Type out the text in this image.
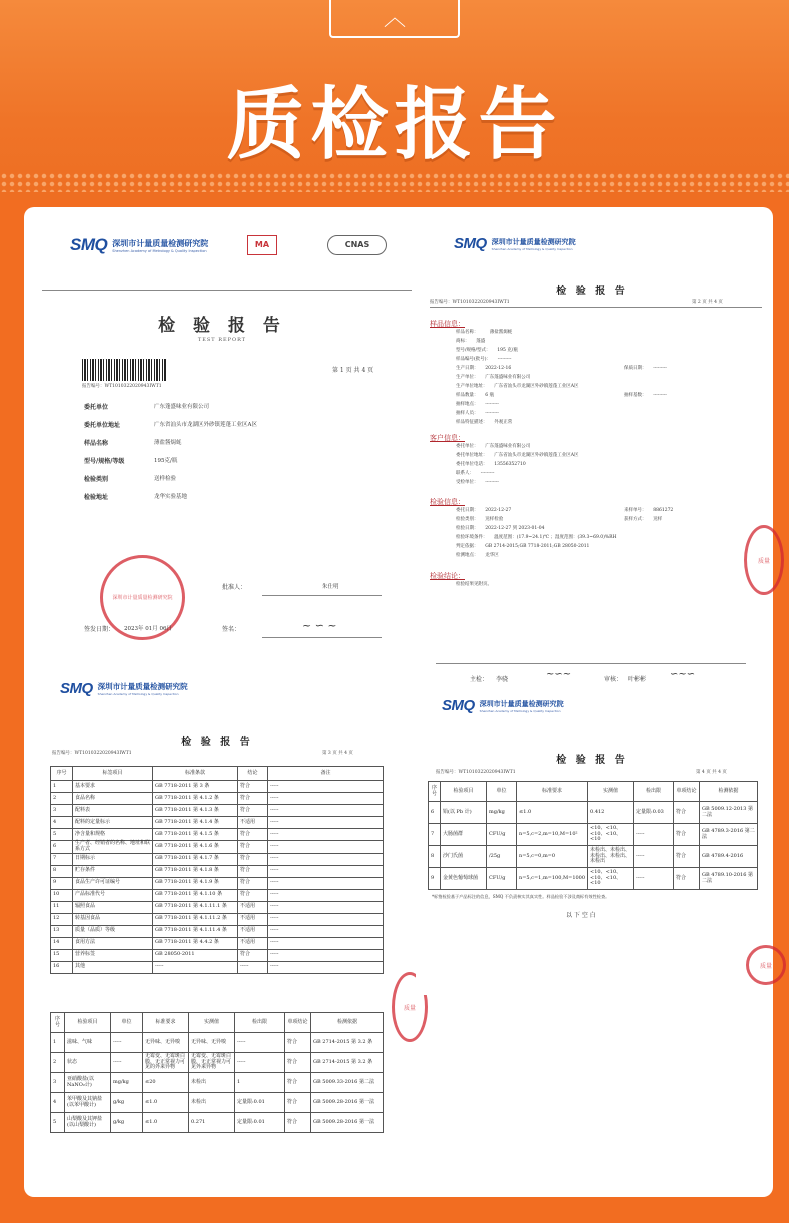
︿
质检报告
SMQ 深圳市计量质量检测研究院
Shenzhen Academy of Metrology & Quality Inspection
MA	CNAS
检 验 报 告
TEST REPORT
报告编号：WT1010322020943IWT1
第 1 页 共 4 页
委托单位	广东蓬盛味业有限公司
委托单位地址	广东省汕头市龙湖区外砂镇莲蓬工业区A区
样品名称	薄盐酱焗蚝
型号/规格/等级	195克/瓶
检验类别	送样检验
检验地址	龙华实验基地
深圳市计量质量检测研究院
批准人：	朱仕明
签发日期： 2023年 01月 06日	签名：	~ ∽ ~
SMQ 深圳市计量质量检测研究院
Shenzhen Academy of Metrology & Quality Inspection
检 验 报 告
报告编号：WT1010322020943IWT1	第 2 页 共 4 页
样品信息：
样品名称：　　　薄盐酱焗蚝
商标：　　蓬盛
型号/规格/型式：　　195 克/瓶
样品编号(批号)：　　---------
生产日期：　　2022-12-16
生产单位：　　广东蓬盛味业有限公司
生产单位地址：　　广东省汕头市龙湖区外砂镇莲蓬工业区A区
样品数量：　　6 瓶
抽样地点：　　---------
抽样人员：　　---------
样品特征描述：　　外观正常
保质日期：　　---------
抽样基数：　　---------
客户信息：
委托单位：　　广东蓬盛味业有限公司
委托单位地址：　　广东省汕头市龙湖区外砂镇莲蓬工业区A区
委托单位电话：　　13556352710
联系人：　　---------
受检单位：　　---------
检验信息：
委托日期：　　2022-12-27
检验类别：　　送样检验
检验日期：　　2022-12-27 到 2023-01-04
检验环境条件：　　温度范围：(17.9~24.1)℃ ；湿度范围：(39.3~69.0)%RH
判定依据：　　GB 2714-2015;GB 7718-2011;GB 28050-2011
检测地点：　　龙华区
来样单号：　　8861272
获样方式：　　送样
检验结论：
检验结果见附页。
主检： 李骁	~∽~	审核： 叶彬彬 ∽~∽
质量
SMQ 深圳市计量质量检测研究院
Shenzhen Academy of Metrology & Quality Inspection
检 验 报 告
报告编号：WT1010322020943IWT1	第 3 页 共 4 页
序号	标签项目	标准条款	结论	备注
1	基本要求	GB 7718-2011 第 3 条	符合	-----
2	食品名称	GB 7718-2011 第 4.1.2 条	符合	-----
3	配料表	GB 7718-2011 第 4.1.3 条	符合	-----
4	配料的定量标示	GB 7718-2011 第 4.1.4 条	不适用	-----
5	净含量和规格	GB 7718-2011 第 4.1.5 条	符合	-----
6	生产者、经销者的名称、地址和联系方式	GB 7718-2011 第 4.1.6 条	符合	-----
7	日期标示	GB 7718-2011 第 4.1.7 条	符合	-----
8	贮存条件	GB 7718-2011 第 4.1.8 条	符合	-----
9	食品生产许可证编号	GB 7718-2011 第 4.1.9 条	符合	-----
10	产品标准代号	GB 7718-2011 第 4.1.10 条	符合	-----
11	辐照食品	GB 7718-2011 第 4.1.11.1 条	不适用	-----
12	转基因食品	GB 7718-2011 第 4.1.11.2 条	不适用	-----
13	质量（品质）等级	GB 7718-2011 第 4.1.11.4 条	不适用	-----
14	食用方法	GB 7718-2011 第 4.4.2 条	不适用	-----
15	营养标签	GB 28050-2011	符合	-----
16	其他	-----	-----	-----
序号	检验项目	单位	标准要求	实测值	检出限	单项结论	检测依据
1	滋味、气味	-----	无异味、无异嗅	无异味、无异嗅	-----	符合	GB 2714-2015 第 3.2 条
2	状态	-----	无霉变、无霉斑白膜，无正常视力可见的外来异物	无霉变、无霉斑白膜，无正常视力可见外来异物	-----	符合	GB 2714-2015 第 3.2 条
3	亚硝酸盐(以NaNO₂计)	mg/kg	≤20	未检出	1	符合	GB 5009.33-2016 第二法
4	苯甲酸及其钠盐(以苯甲酸计)	g/kg	≤1.0	未检出	定量限:0.01	符合	GB 5009.28-2016 第一法
5	山梨酸及其钾盐(以山梨酸计)	g/kg	≤1.0	0.271	定量限:0.01	符合	GB 5009.28-2016 第一法
质量
SMQ 深圳市计量质量检测研究院
Shenzhen Academy of Metrology & Quality Inspection
检 验 报 告
报告编号：WT1010322020943IWT1	第 4 页 共 4 页
序号	检验项目	单位	标准要求	实测值	检出限	单项结论	检测依据
6	铅(以 Pb 计)	mg/kg	≤1.0	0.412	定量限:0.03	符合	GB 5009.12-2013 第二法
7	大肠菌群	CFU/g	n=5,c=2,m=10,M=10²	<10、<10、<10、<10、<10	-----	符合	GB 4789.3-2016 第二法
8	沙门氏菌	/25g	n=5,c=0,m=0	未检出、未检出、未检出、未检出、未检出	-----	符合	GB 4789.4-2016
9	金黄色葡萄球菌	CFU/g	n=5,c=1,m=100,M=1000	<10、<10、<10、<10、<10	-----	符合	GB 4789.10-2016 第二法
*标签检验基于产品标注的信息，SMQ 不负责核实其真实性。样品检验不涉及商标有效性检查。
以 下 空 白
质量
